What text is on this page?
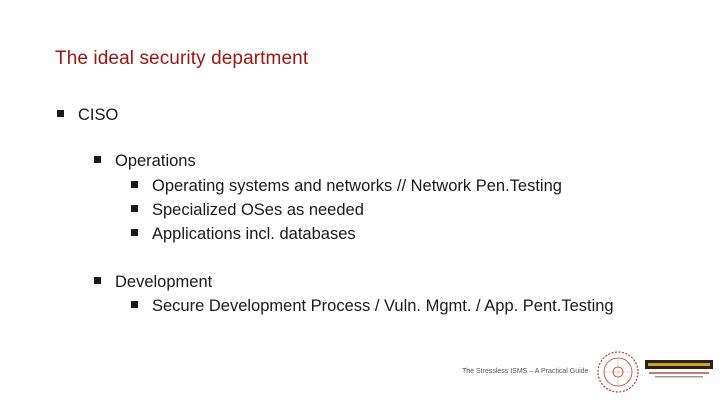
The ideal security department
CISO
Operations
Operating systems and networks // Network Pen.Testing
Specialized OSes as needed
Applications incl. databases
Development
Secure Development Process / Vuln. Mgmt. / App. Pent.Testing
The Stressless ISMS – A Practical Guide
